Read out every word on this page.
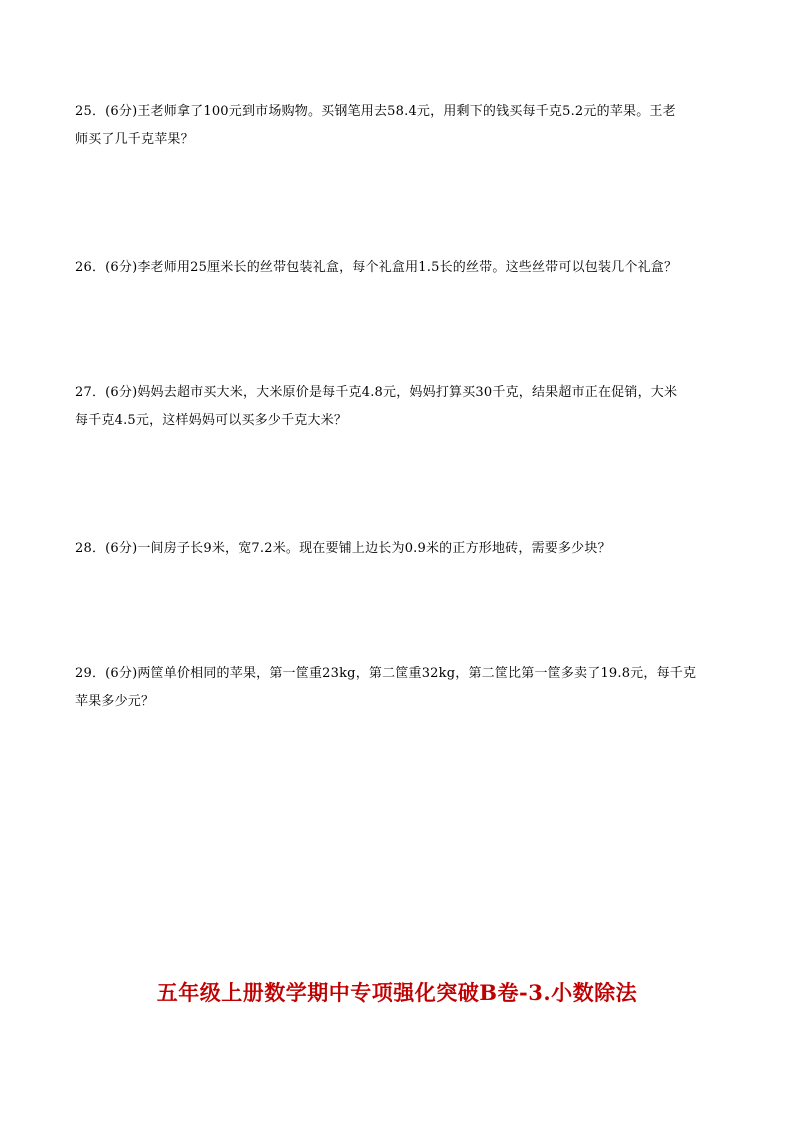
25．(6分)王老师拿了100元到市场购物。买钢笔用去58.4元，用剩下的钱买每千克5.2元的苹果。王老

师买了几千克苹果？

26．(6分)李老师用25厘米长的丝带包装礼盒，每个礼盒用1.5长的丝带。这些丝带可以包装几个礼盒？

27．(6分)妈妈去超市买大米，大米原价是每千克4.8元，妈妈打算买30千克，结果超市正在促销，大米

每千克4.5元，这样妈妈可以买多少千克大米？

28．(6分)一间房子长9米，宽7.2米。现在要铺上边长为0.9米的正方形地砖，需要多少块？

29．(6分)两筐单价相同的苹果，第一筐重23kg，第二筐重32kg，第二筐比第一筐多卖了19.8元，每千克

苹果多少元？

五年级上册数学期中专项强化突破B卷-3.小数除法
